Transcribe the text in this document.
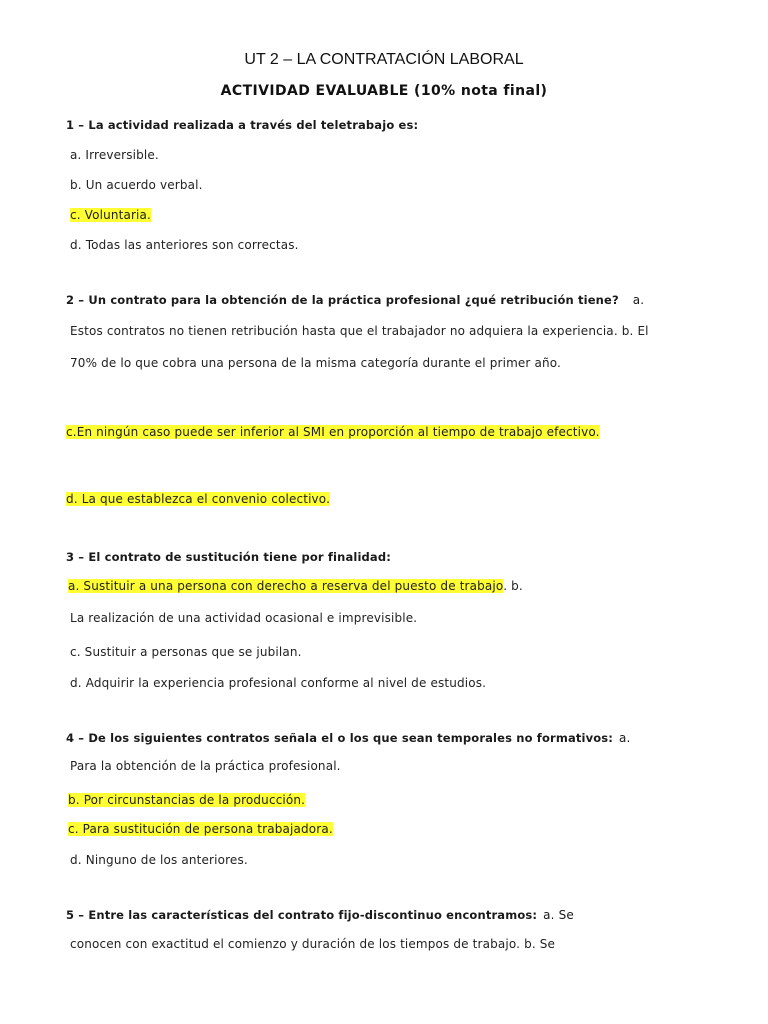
UT 2 – LA CONTRATACIÓN LABORAL
ACTIVIDAD EVALUABLE (10% nota final)
1 – La actividad realizada a través del teletrabajo es:
a. Irreversible.
b. Un acuerdo verbal.
c. Voluntaria.
d. Todas las anteriores son correctas.
2 – Un contrato para la obtención de la práctica profesional ¿qué retribución tiene? a.
Estos contratos no tienen retribución hasta que el trabajador no adquiera la experiencia. b. El
70% de lo que cobra una persona de la misma categoría durante el primer año.
c.En ningún caso puede ser inferior al SMI en proporción al tiempo de trabajo efectivo.
d. La que establezca el convenio colectivo.
3 – El contrato de sustitución tiene por finalidad:
a. Sustituir a una persona con derecho a reserva del puesto de trabajo. b.
La realización de una actividad ocasional e imprevisible.
c. Sustituir a personas que se jubilan.
d. Adquirir la experiencia profesional conforme al nivel de estudios.
4 – De los siguientes contratos señala el o los que sean temporales no formativos: a.
Para la obtención de la práctica profesional.
b. Por circunstancias de la producción.
c. Para sustitución de persona trabajadora.
d. Ninguno de los anteriores.
5 – Entre las características del contrato fijo-discontinuo encontramos: a. Se
conocen con exactitud el comienzo y duración de los tiempos de trabajo. b. Se
